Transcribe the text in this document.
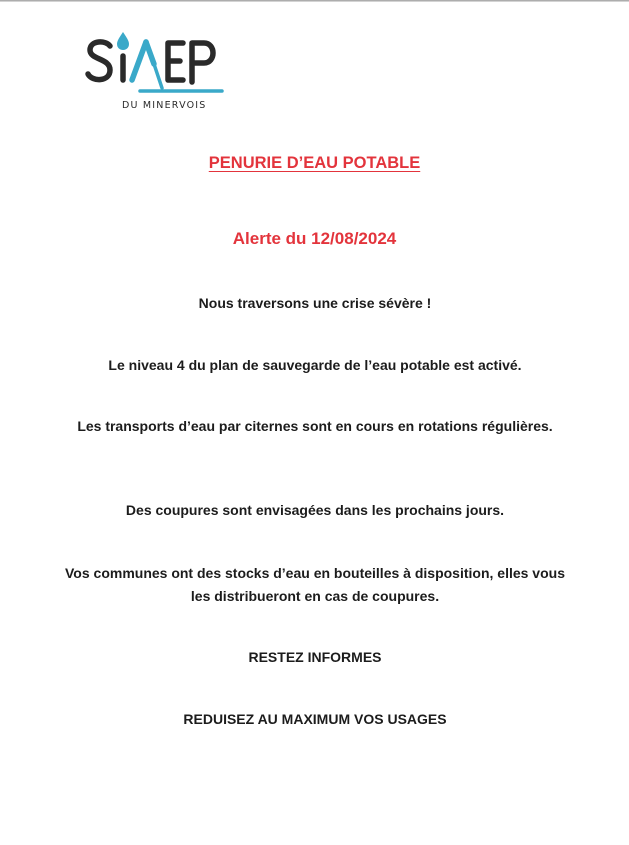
DU MINERVOIS
PENURIE D’EAU POTABLE
Alerte du 12/08/2024
Nous traversons une crise sévère !
Le niveau 4 du plan de sauvegarde de l’eau potable est activé.
Les transports d’eau par citernes sont en cours en rotations régulières.
Des coupures sont envisagées dans les prochains jours.
Vos communes ont des stocks d’eau en bouteilles à disposition, elles vous les distribueront en cas de coupures.
RESTEZ INFORMES
REDUISEZ AU MAXIMUM VOS USAGES
